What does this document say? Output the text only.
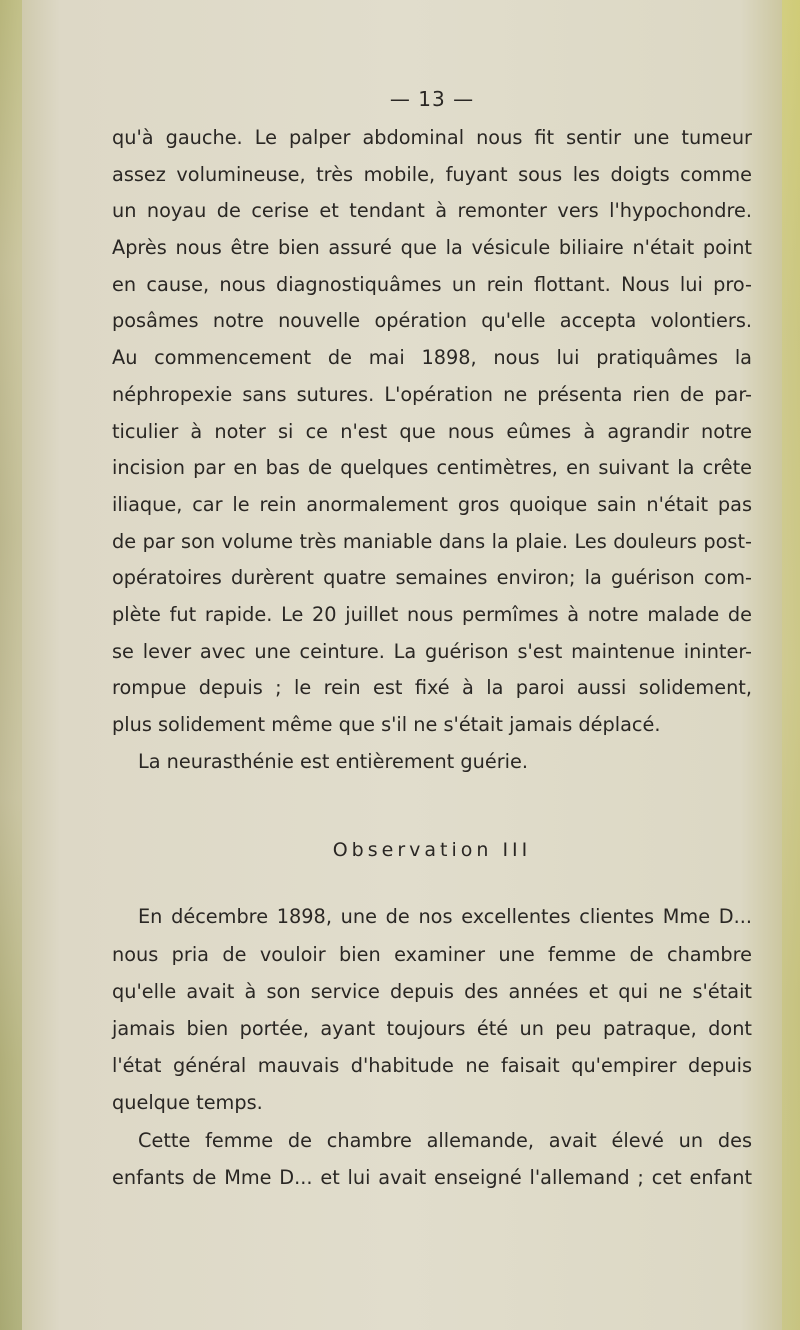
— 13 —
qu'à gauche. Le palper abdominal nous fit sentir une tumeur
assez volumineuse, très mobile, fuyant sous les doigts comme
un noyau de cerise et tendant à remonter vers l'hypochondre.
Après nous être bien assuré que la vésicule biliaire n'était point
en cause, nous diagnostiquâmes un rein flottant. Nous lui pro-
posâmes notre nouvelle opération qu'elle accepta volontiers.
Au commencement de mai 1898, nous lui pratiquâmes la
néphropexie sans sutures. L'opération ne présenta rien de par-
ticulier à noter si ce n'est que nous eûmes à agrandir notre
incision par en bas de quelques centimètres, en suivant la crête
iliaque, car le rein anormalement gros quoique sain n'était pas
de par son volume très maniable dans la plaie. Les douleurs post-
opératoires durèrent quatre semaines environ; la guérison com-
plète fut rapide. Le 20 juillet nous permîmes à notre malade de
se lever avec une ceinture. La guérison s'est maintenue ininter-
rompue depuis ; le rein est fixé à la paroi aussi solidement,
plus solidement même que s'il ne s'était jamais déplacé.
La neurasthénie est entièrement guérie.
Observation III
En décembre 1898, une de nos excellentes clientes Mme D...
nous pria de vouloir bien examiner une femme de chambre
qu'elle avait à son service depuis des années et qui ne s'était
jamais bien portée, ayant toujours été un peu patraque, dont
l'état général mauvais d'habitude ne faisait qu'empirer depuis
quelque temps.
Cette femme de chambre allemande, avait élevé un des
enfants de Mme D... et lui avait enseigné l'allemand ; cet enfant
